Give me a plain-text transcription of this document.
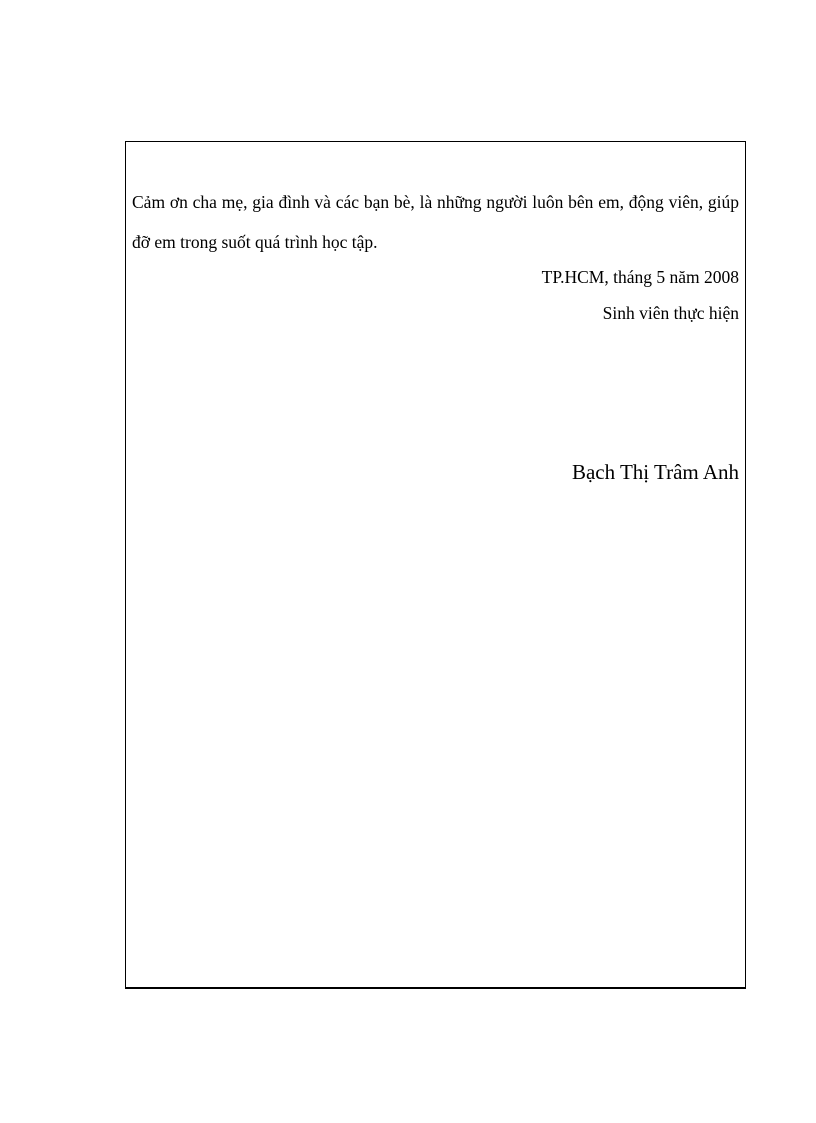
Cảm ơn cha mẹ, gia đình và các bạn bè, là những người luôn bên em, động viên, giúp đỡ em trong suốt quá trình học tập.

TP.HCM, tháng 5 năm 2008

Sinh viên thực hiện

Bạch Thị Trâm Anh
